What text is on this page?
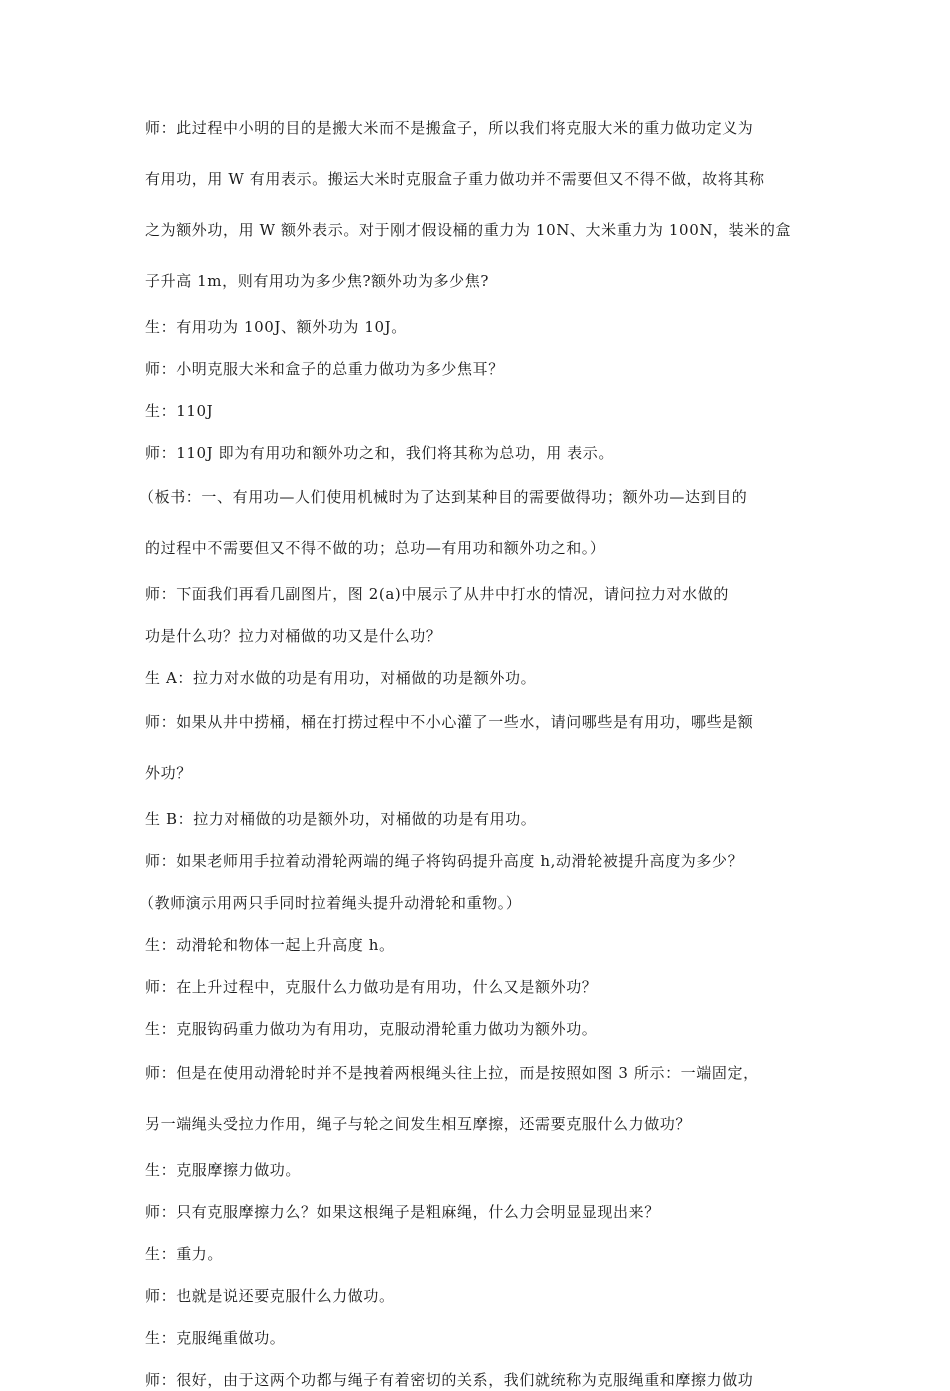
师：此过程中小明的目的是搬大米而不是搬盒子，所以我们将克服大米的重力做功定义为
有用功，用 W 有用表示。搬运大米时克服盒子重力做功并不需要但又不得不做，故将其称
之为额外功，用 W 额外表示。对于刚才假设桶的重力为 10N、大米重力为 100N，装米的盒
子升高 1m，则有用功为多少焦?额外功为多少焦?
生：有用功为 100J、额外功为 10J。
师：小明克服大米和盒子的总重力做功为多少焦耳？
生：110J
师：110J 即为有用功和额外功之和，我们将其称为总功，用 表示。
（板书：一、有用功—人们使用机械时为了达到某种目的需要做得功；额外功—达到目的
的过程中不需要但又不得不做的功；总功—有用功和额外功之和。）
师：下面我们再看几副图片，图 2(a)中展示了从井中打水的情况，请问拉力对水做的
功是什么功？拉力对桶做的功又是什么功？
生 A：拉力对水做的功是有用功，对桶做的功是额外功。
师：如果从井中捞桶，桶在打捞过程中不小心灌了一些水，请问哪些是有用功，哪些是额
外功？
生 B：拉力对桶做的功是额外功，对桶做的功是有用功。
师：如果老师用手拉着动滑轮两端的绳子将钩码提升高度 h,动滑轮被提升高度为多少？
（教师演示用两只手同时拉着绳头提升动滑轮和重物。）
生：动滑轮和物体一起上升高度 h。
师：在上升过程中，克服什么力做功是有用功，什么又是额外功？
生：克服钩码重力做功为有用功，克服动滑轮重力做功为额外功。
师：但是在使用动滑轮时并不是拽着两根绳头往上拉，而是按照如图 3 所示：一端固定，
另一端绳头受拉力作用，绳子与轮之间发生相互摩擦，还需要克服什么力做功？
生：克服摩擦力做功。
师：只有克服摩擦力么？如果这根绳子是粗麻绳，什么力会明显显现出来？
生：重力。
师：也就是说还要克服什么力做功。
生：克服绳重做功。
师：很好，由于这两个功都与绳子有着密切的关系，我们就统称为克服绳重和摩擦力做功
